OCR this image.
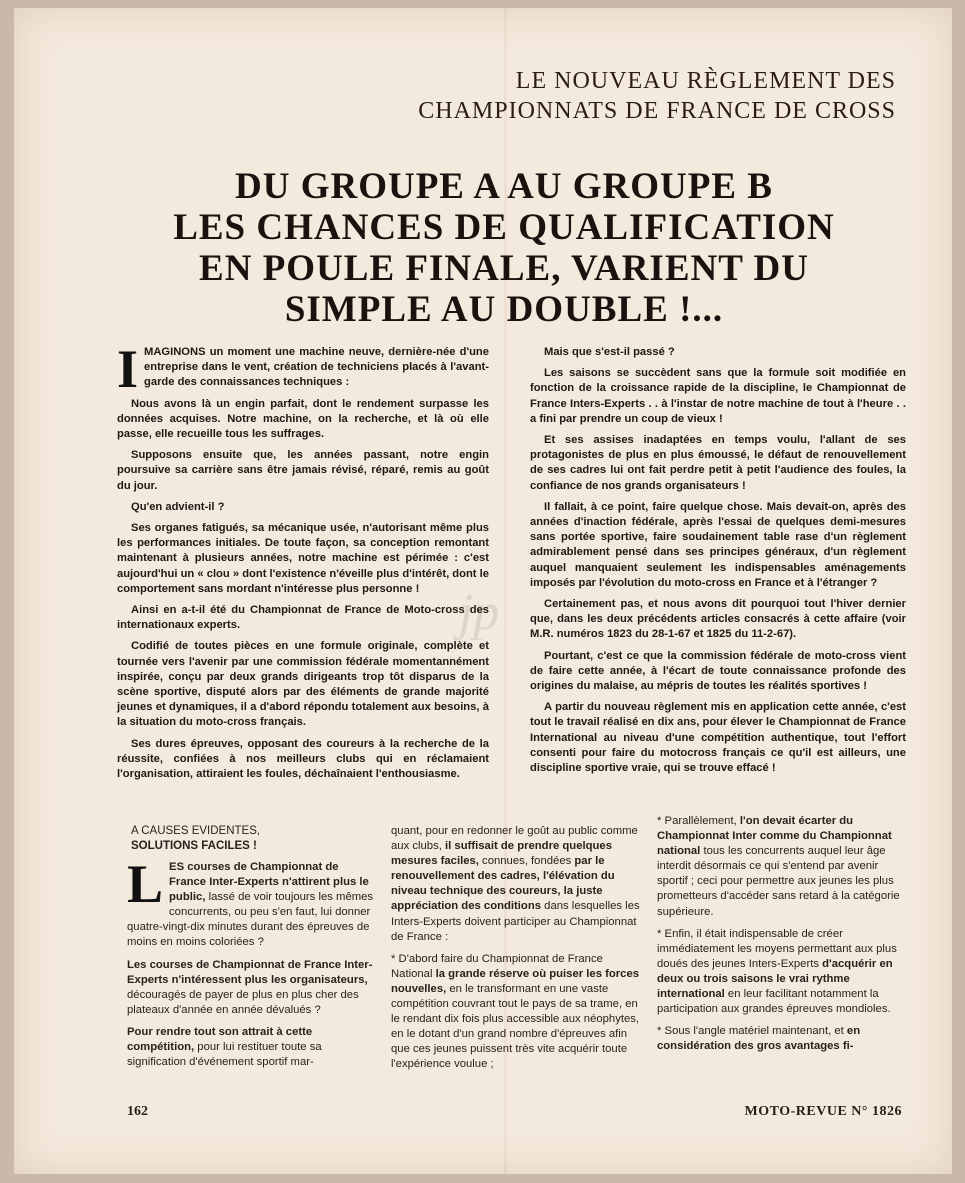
LE NOUVEAU RÈGLEMENT DES
CHAMPIONNATS DE FRANCE DE CROSS
DU GROUPE A AU GROUPE B
LES CHANCES DE QUALIFICATION
EN POULE FINALE, VARIENT DU
SIMPLE AU DOUBLE !...
jp

IMAGINONS un moment une machine neuve, dernière-née d'une entreprise dans le vent, création de techniciens placés à l'avant-garde des connaissances techniques :

Nous avons là un engin parfait, dont le rendement surpasse les données acquises. Notre machine, on la recherche, et là où elle passe, elle recueille tous les suffrages.

Supposons ensuite que, les années passant, notre engin poursuive sa carrière sans être jamais révisé, réparé, remis au goût du jour.

Qu'en advient-il ?

Ses organes fatigués, sa mécanique usée, n'autorisant même plus les performances initiales. De toute façon, sa conception remontant maintenant à plusieurs années, notre machine est périmée : c'est aujourd'hui un « clou » dont l'existence n'éveille plus d'intérêt, dont le comportement sans mordant n'intéresse plus personne !

Ainsi en a-t-il été du Championnat de France de Moto-cross des internationaux experts.

Codifié de toutes pièces en une formule originale, complète et tournée vers l'avenir par une commission fédérale momentannément inspirée, conçu par deux grands dirigeants trop tôt disparus de la scène sportive, disputé alors par des éléments de grande majorité jeunes et dynamiques, il a d'abord répondu totalement aux besoins, à la situation du moto-cross français.

Ses dures épreuves, opposant des coureurs à la recherche de la réussite, confiées à nos meilleurs clubs qui en réclamaient l'organisation, attiraient les foules, déchaînaient l'enthousiasme.

Mais que s'est-il passé ?

Les saisons se succèdent sans que la formule soit modifiée en fonction de la croissance rapide de la discipline, le Championnat de France Inters-Experts . . à l'instar de notre machine de tout à l'heure . . a fini par prendre un coup de vieux !

Et ses assises inadaptées en temps voulu, l'allant de ses protagonistes de plus en plus émoussé, le défaut de renouvellement de ses cadres lui ont fait perdre petit à petit l'audience des foules, la confiance de nos grands organisateurs !

Il fallait, à ce point, faire quelque chose. Mais devait-on, après des années d'inaction fédérale, après l'essai de quelques demi-mesures sans portée sportive, faire soudainement table rase d'un règlement admirablement pensé dans ses principes généraux, d'un règlement auquel manquaient seulement les indispensables aménagements imposés par l'évolution du moto-cross en France et à l'étranger ?

Certainement pas, et nous avons dit pourquoi tout l'hiver dernier que, dans les deux précédents articles consacrés à cette affaire (voir M.R. numéros 1823 du 28-1-67 et 1825 du 11-2-67).

Pourtant, c'est ce que la commission fédérale de moto-cross vient de faire cette année, à l'écart de toute connaissance profonde des origines du malaise, au mépris de toutes les réalités sportives !

A partir du nouveau règlement mis en application cette année, c'est tout le travail réalisé en dix ans, pour élever le Championnat de France International au niveau d'une compétition authentique, tout l'effort consenti pour faire du motocross français ce qu'il est ailleurs, une discipline sportive vraie, qui se trouve effacé !

A CAUSES EVIDENTES,
SOLUTIONS FACILES !

LES courses de Championnat de France Inter-Experts n'attirent plus le public, lassé de voir toujours les mêmes concurrents, ou peu s'en faut, lui donner quatre-vingt-dix minutes durant des épreuves de moins en moins coloriées ?

Les courses de Championnat de France Inter-Experts n'intéressent plus les organisateurs, découragés de payer de plus en plus cher des plateaux d'année en année dévalués ?

Pour rendre tout son attrait à cette compétition, pour lui restituer toute sa signification d'événement sportif mar-

quant, pour en redonner le goût au public comme aux clubs, il suffisait de prendre quelques mesures faciles, connues, fondées par le renouvellement des cadres, l'élévation du niveau technique des coureurs, la juste appréciation des conditions dans lesquelles les Inters-Experts doivent participer au Championnat de France :

* D'abord faire du Championnat de France National la grande réserve où puiser les forces nouvelles, en le transformant en une vaste compétition couvrant tout le pays de sa trame, en le rendant dix fois plus accessible aux néophytes, en le dotant d'un grand nombre d'épreuves afin que ces jeunes puissent très vite acquérir toute l'expérience voulue ;

* Parallèlement, l'on devait écarter du Championnat Inter comme du Championnat national tous les concurrents auquel leur âge interdit désormais ce qui s'entend par avenir sportif ; ceci pour permettre aux jeunes les plus prometteurs d'accéder sans retard à la catégorie supérieure.

* Enfin, il était indispensable de créer immédiatement les moyens permettant aux plus doués des jeunes Inters-Experts d'acquérir en deux ou trois saisons le vrai rythme international en leur facilitant notamment la participation aux grandes épreuves mondioles.

* Sous l'angle matériel maintenant, et en considération des gros avantages fi-

162	MOTO-REVUE N° 1826
